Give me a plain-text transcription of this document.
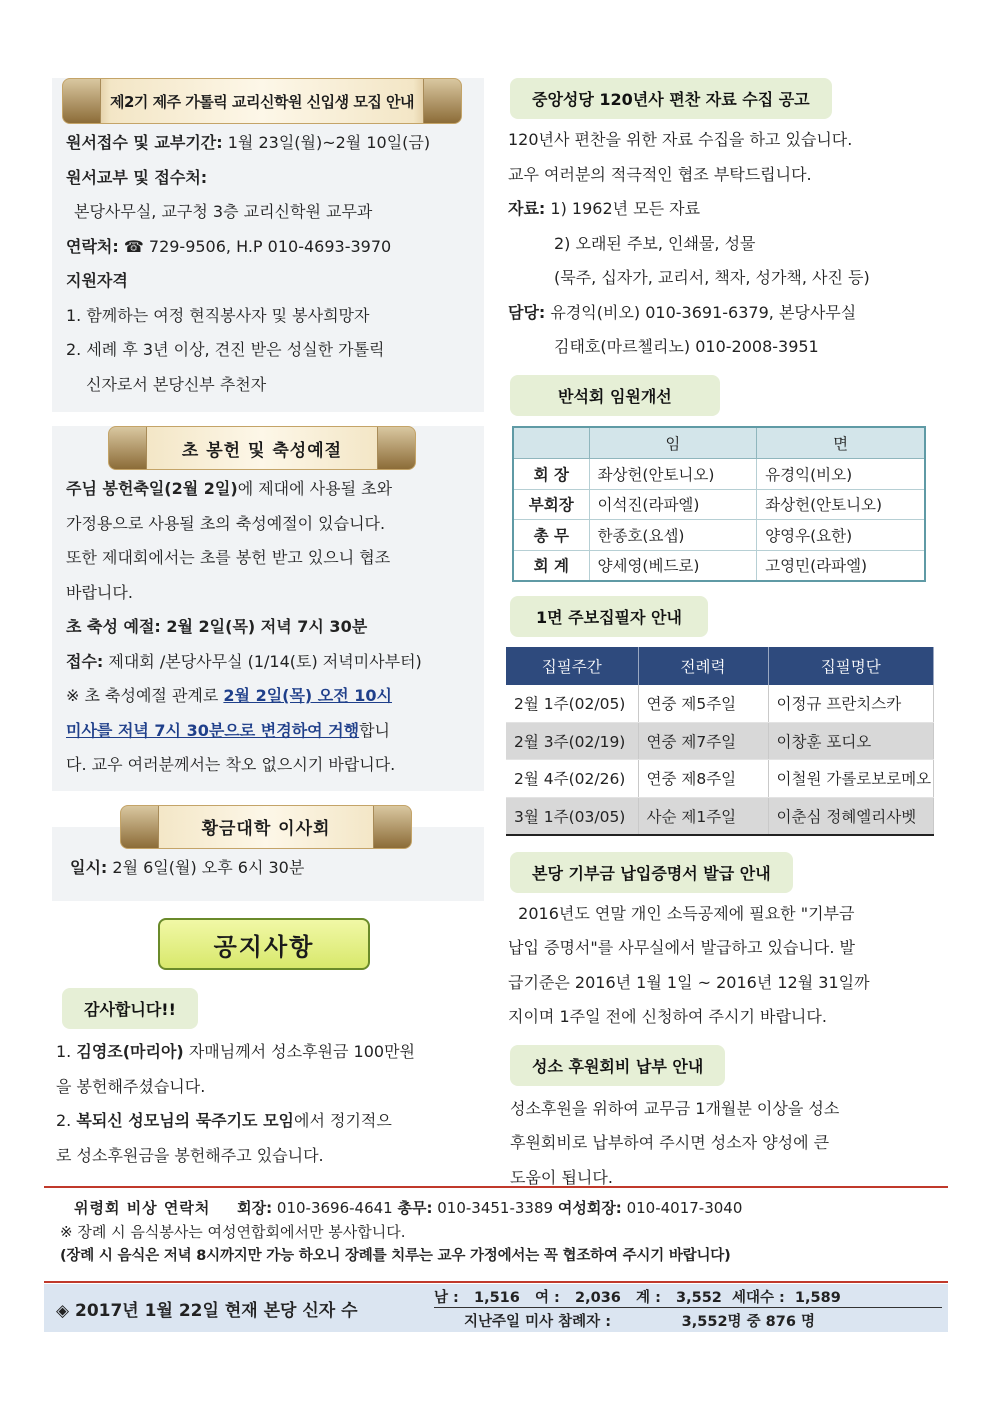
제2기 제주 가톨릭 교리신학원 신입생 모집 안내
원서접수 및 교부기간: 1월 23일(월)~2월 10일(금)
원서교부 및 접수처:
본당사무실, 교구청 3층 교리신학원 교무과
연락처: ☎ 729-9506, H.P 010-4693-3970
지원자격
1. 함께하는 여정 현직봉사자 및 봉사희망자
2. 세례 후 3년 이상, 견진 받은 성실한 가톨릭
신자로서 본당신부 추천자
초 봉헌 및 축성예절
주님 봉헌축일(2월 2일)에 제대에 사용될 초와
가정용으로 사용될 초의 축성예절이 있습니다.
또한 제대회에서는 초를 봉헌 받고 있으니 협조
바랍니다.
초 축성 예절: 2월 2일(목) 저녁 7시 30분
접수: 제대회 /본당사무실 (1/14(토) 저녁미사부터)
※ 초 축성예절 관계로 2월 2일(목) 오전 10시
미사를 저녁 7시 30분으로 변경하여 거행합니
다. 교우 여러분께서는 착오 없으시기 바랍니다.
황금대학 이사회
일시: 2월 6일(월) 오후 6시 30분
공지사항
감사합니다!!
1. 김영조(마리아) 자매님께서 성소후원금 100만원
을 봉헌해주셨습니다.
2. 복되신 성모님의 묵주기도 모임에서 정기적으
로 성소후원금을 봉헌해주고 있습니다.
중앙성당 120년사 편찬 자료 수집 공고
120년사 편찬을 위한 자료 수집을 하고 있습니다.
교우 여러분의 적극적인 협조 부탁드립니다.
자료: 1) 1962년 모든 자료
2) 오래된 주보, 인쇄물, 성물
(묵주, 십자가, 교리서, 책자, 성가책, 사진 등)
담당: 유경익(비오) 010-3691-6379, 본당사무실
김태호(마르첼리노) 010-2008-3951
반석회 임원개선
	임	면
회 장	좌상헌(안토니오)	유경익(비오)
부회장	이석진(라파엘)	좌상헌(안토니오)
총 무	한종호(요셉)	양영우(요한)
회 계	양세영(베드로)	고영민(라파엘)
1면 주보집필자 안내
집필주간	전례력	집필명단
2월 1주(02/05)	연중 제5주일	이정규 프란치스카
2월 3주(02/19)	연중 제7주일	이창훈 포디오
2월 4주(02/26)	연중 제8주일	이철원 가롤로보로메오
3월 1주(03/05)	사순 제1주일	이춘심 정혜엘리사벳
본당 기부금 납입증명서 발급 안내
2016년도 연말 개인 소득공제에 필요한 "기부금
납입 증명서"를 사무실에서 발급하고 있습니다. 발
급기준은 2016년 1월 1일 ~ 2016년 12월 31일까
지이며 1주일 전에 신청하여 주시기 바랍니다.
성소 후원회비 납부 안내
성소후원을 위하여 교무금 1개월분 이상을 성소
후원회비로 납부하여 주시면 성소자 양성에 큰
도움이 됩니다.
위령회 비상 연락처 회장: 010-3696-4641 총무: 010-3451-3389 여성회장: 010-4017-3040
※ 장례 시 음식봉사는 여성연합회에서만 봉사합니다.
(장례 시 음식은 저녁 8시까지만 가능 하오니 장례를 치루는 교우 가정에서는 꼭 협조하여 주시기 바랍니다)
◈ 2017년 1월 22일 현재 본당 신자 수
남 :   1,516   여 :   2,036   계 :   3,552  세대수 :  1,589
지난주일 미사 참례자 :              3,552명 중 876 명
